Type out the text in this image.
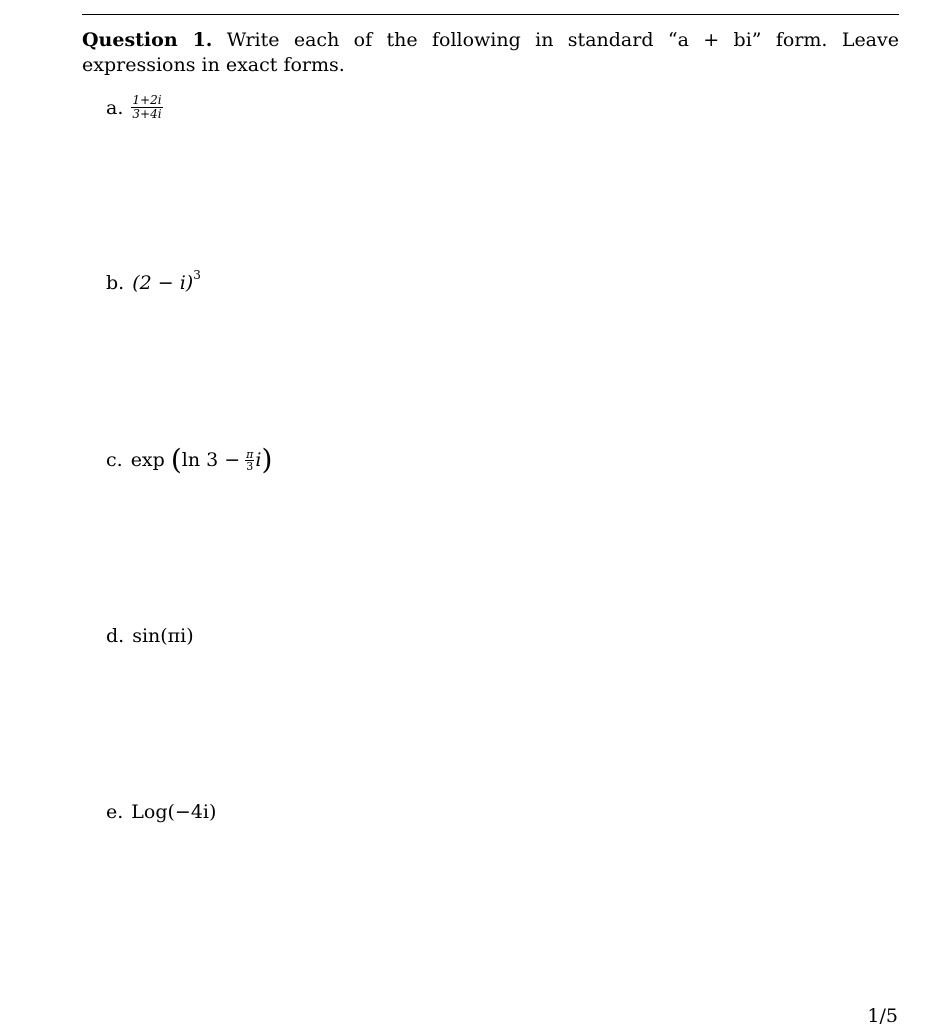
Question 1. Write each of the following in standard “a + bi” form. Leave expressions in exact forms.
a. $\frac{1+2i}{3+4i}$
b. (2 − i) 3
c. exp ( $\ln 3 - \frac{\pi}{3}$ i )
d. sin(πi)
e. Log(−4i)
1/5
